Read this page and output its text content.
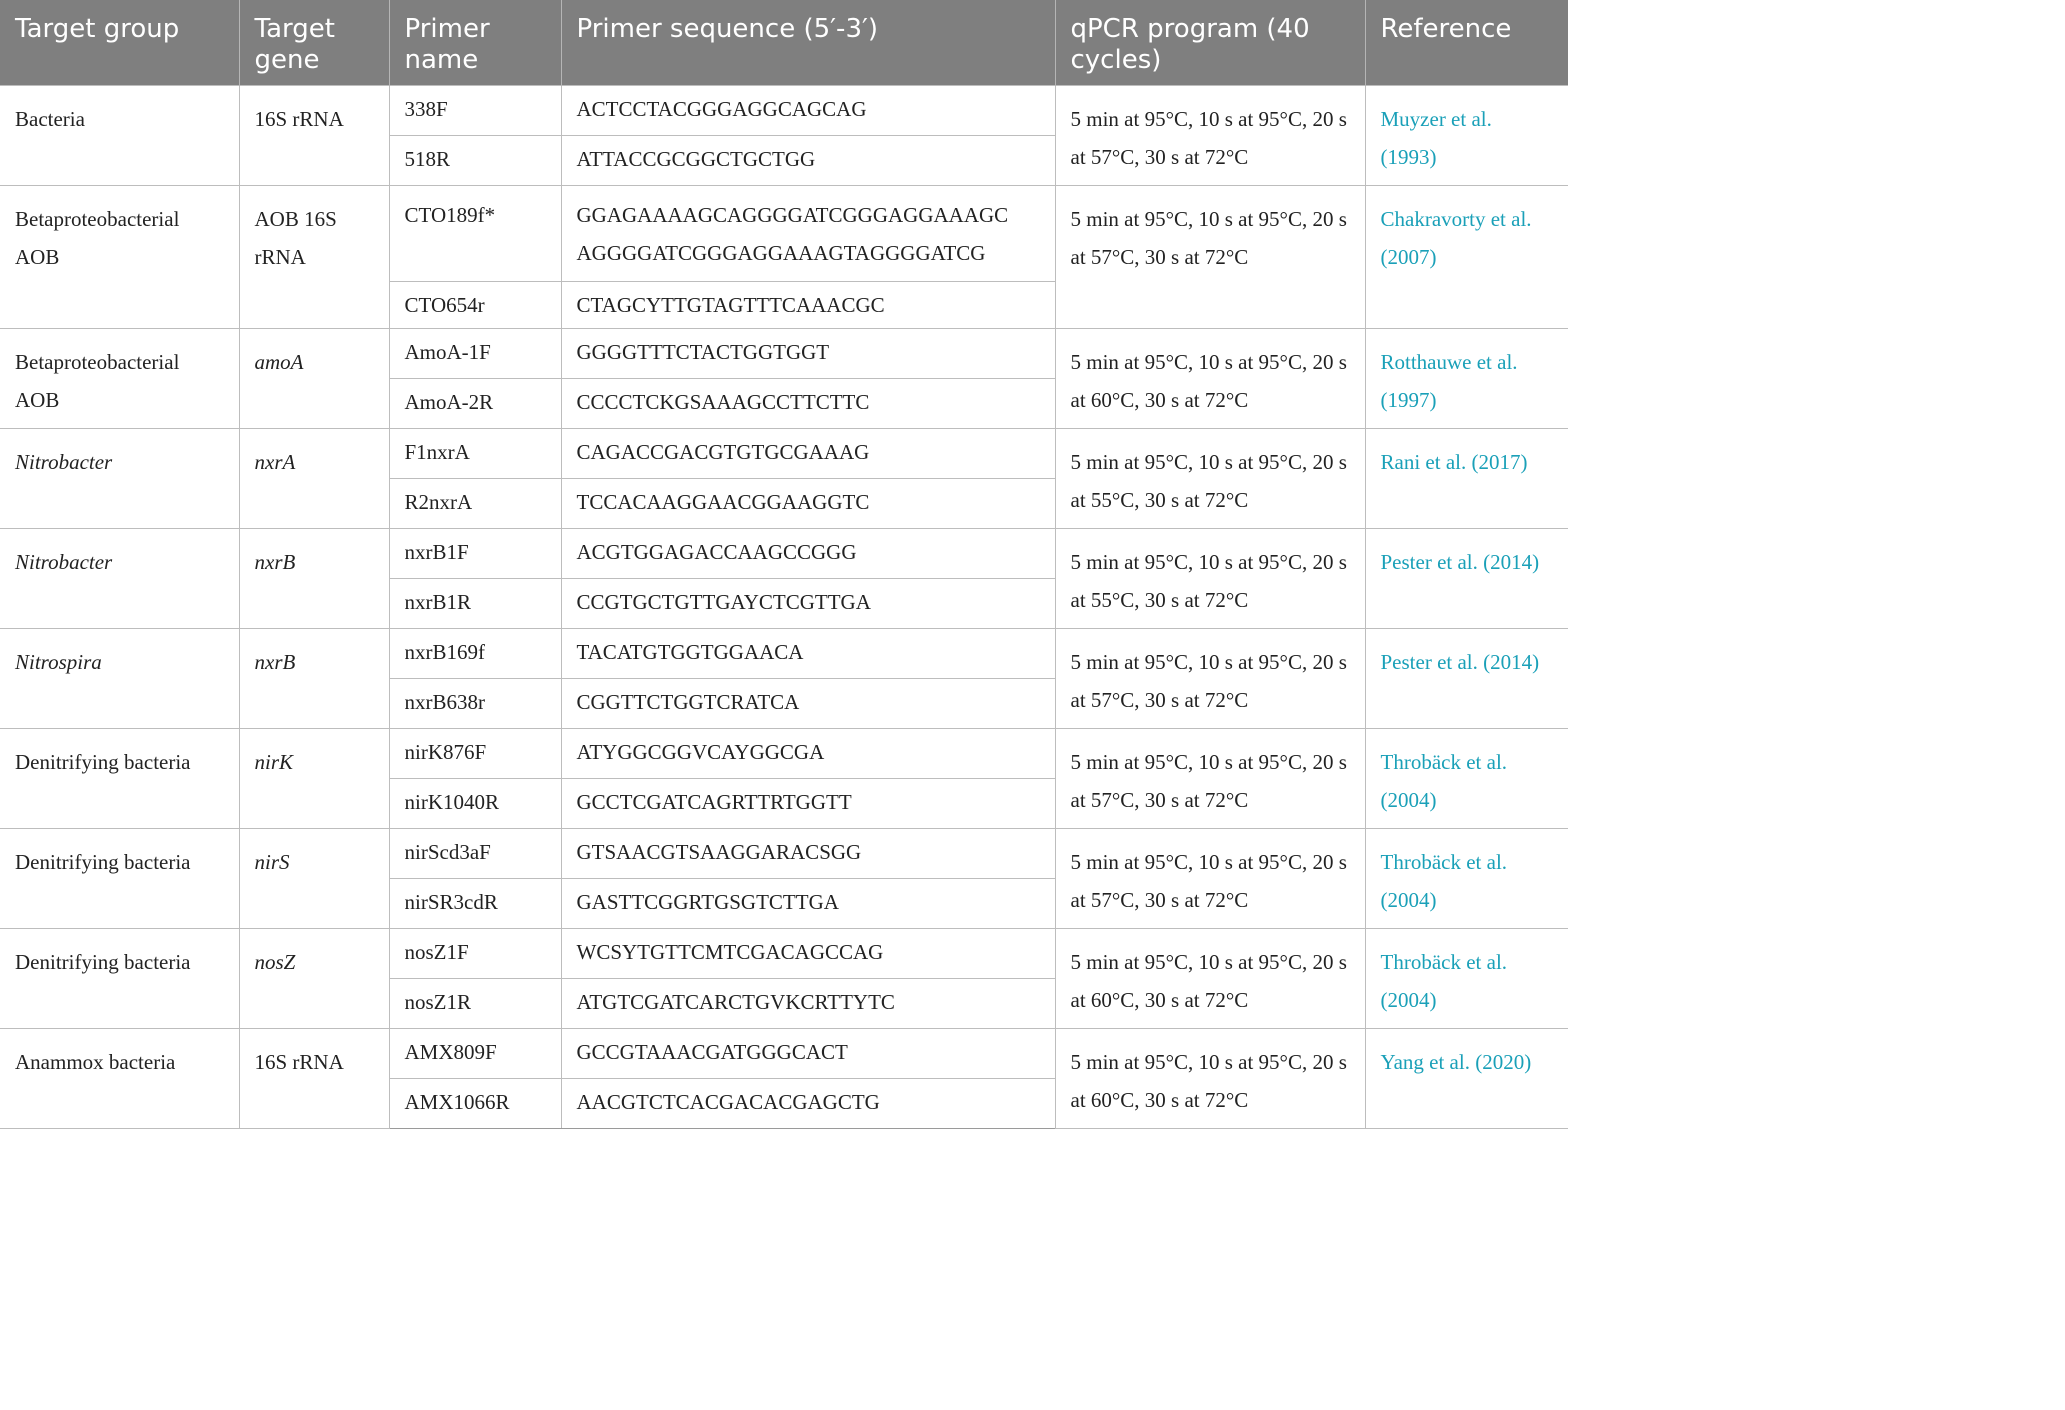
Target group	Target gene	Primer name	Primer sequence (5′-3′)	qPCR program (40 cycles)	Reference
Bacteria	16S rRNA	338F	ACTCCTACGGGAGGCAGCAG	5 min at 95°C, 10 s at 95°C, 20 s at 57°C, 30 s at 72°C	Muyzer et al. (1993)
		518R	ATTACCGCGGCTGCTGG		
Betaproteobacterial AOB	AOB 16S rRNA	CTO189f*	GGAGAAAAGCAGGGGATCGGGAGGAAAGC AGGGGATCGGGAGGAAAGTAGGGGATCG	5 min at 95°C, 10 s at 95°C, 20 s at 57°C, 30 s at 72°C	Chakravorty et al. (2007)
		CTO654r	CTAGCYTTGTAGTTTCAAACGC		
Betaproteobacterial AOB	amoA	AmoA-1F	GGGGTTTCTACTGGTGGT	5 min at 95°C, 10 s at 95°C, 20 s at 60°C, 30 s at 72°C	Rotthauwe et al. (1997)
		AmoA-2R	CCCCTCKGSAAAGCCTTCTTC		
Nitrobacter	nxrA	F1nxrA	CAGACCGACGTGTGCGAAAG	5 min at 95°C, 10 s at 95°C, 20 s at 55°C, 30 s at 72°C	Rani et al. (2017)
		R2nxrA	TCCACAAGGAACGGAAGGTC		
Nitrobacter	nxrB	nxrB1F	ACGTGGAGACCAAGCCGGG	5 min at 95°C, 10 s at 95°C, 20 s at 55°C, 30 s at 72°C	Pester et al. (2014)
		nxrB1R	CCGTGCTGTTGAYCTCGTTGA		
Nitrospira	nxrB	nxrB169f	TACATGTGGTGGAACA	5 min at 95°C, 10 s at 95°C, 20 s at 57°C, 30 s at 72°C	Pester et al. (2014)
		nxrB638r	CGGTTCTGGTCRATCA		
Denitrifying bacteria	nirK	nirK876F	ATYGGCGGVCAYGGCGA	5 min at 95°C, 10 s at 95°C, 20 s at 57°C, 30 s at 72°C	Throbäck et al. (2004)
		nirK1040R	GCCTCGATCAGRTTRTGGTT		
Denitrifying bacteria	nirS	nirScd3aF	GTSAACGTSAAGGARACSGG	5 min at 95°C, 10 s at 95°C, 20 s at 57°C, 30 s at 72°C	Throbäck et al. (2004)
		nirSR3cdR	GASTTCGGRTGSGTCTTGA		
Denitrifying bacteria	nosZ	nosZ1F	WCSYTGTTCMTCGACAGCCAG	5 min at 95°C, 10 s at 95°C, 20 s at 60°C, 30 s at 72°C	Throbäck et al. (2004)
		nosZ1R	ATGTCGATCARCTGVKCRTTYTC		
Anammox bacteria	16S rRNA	AMX809F	GCCGTAAACGATGGGCACT	5 min at 95°C, 10 s at 95°C, 20 s at 60°C, 30 s at 72°C	Yang et al. (2020)
		AMX1066R	AACGTCTCACGACACGAGCTG		
